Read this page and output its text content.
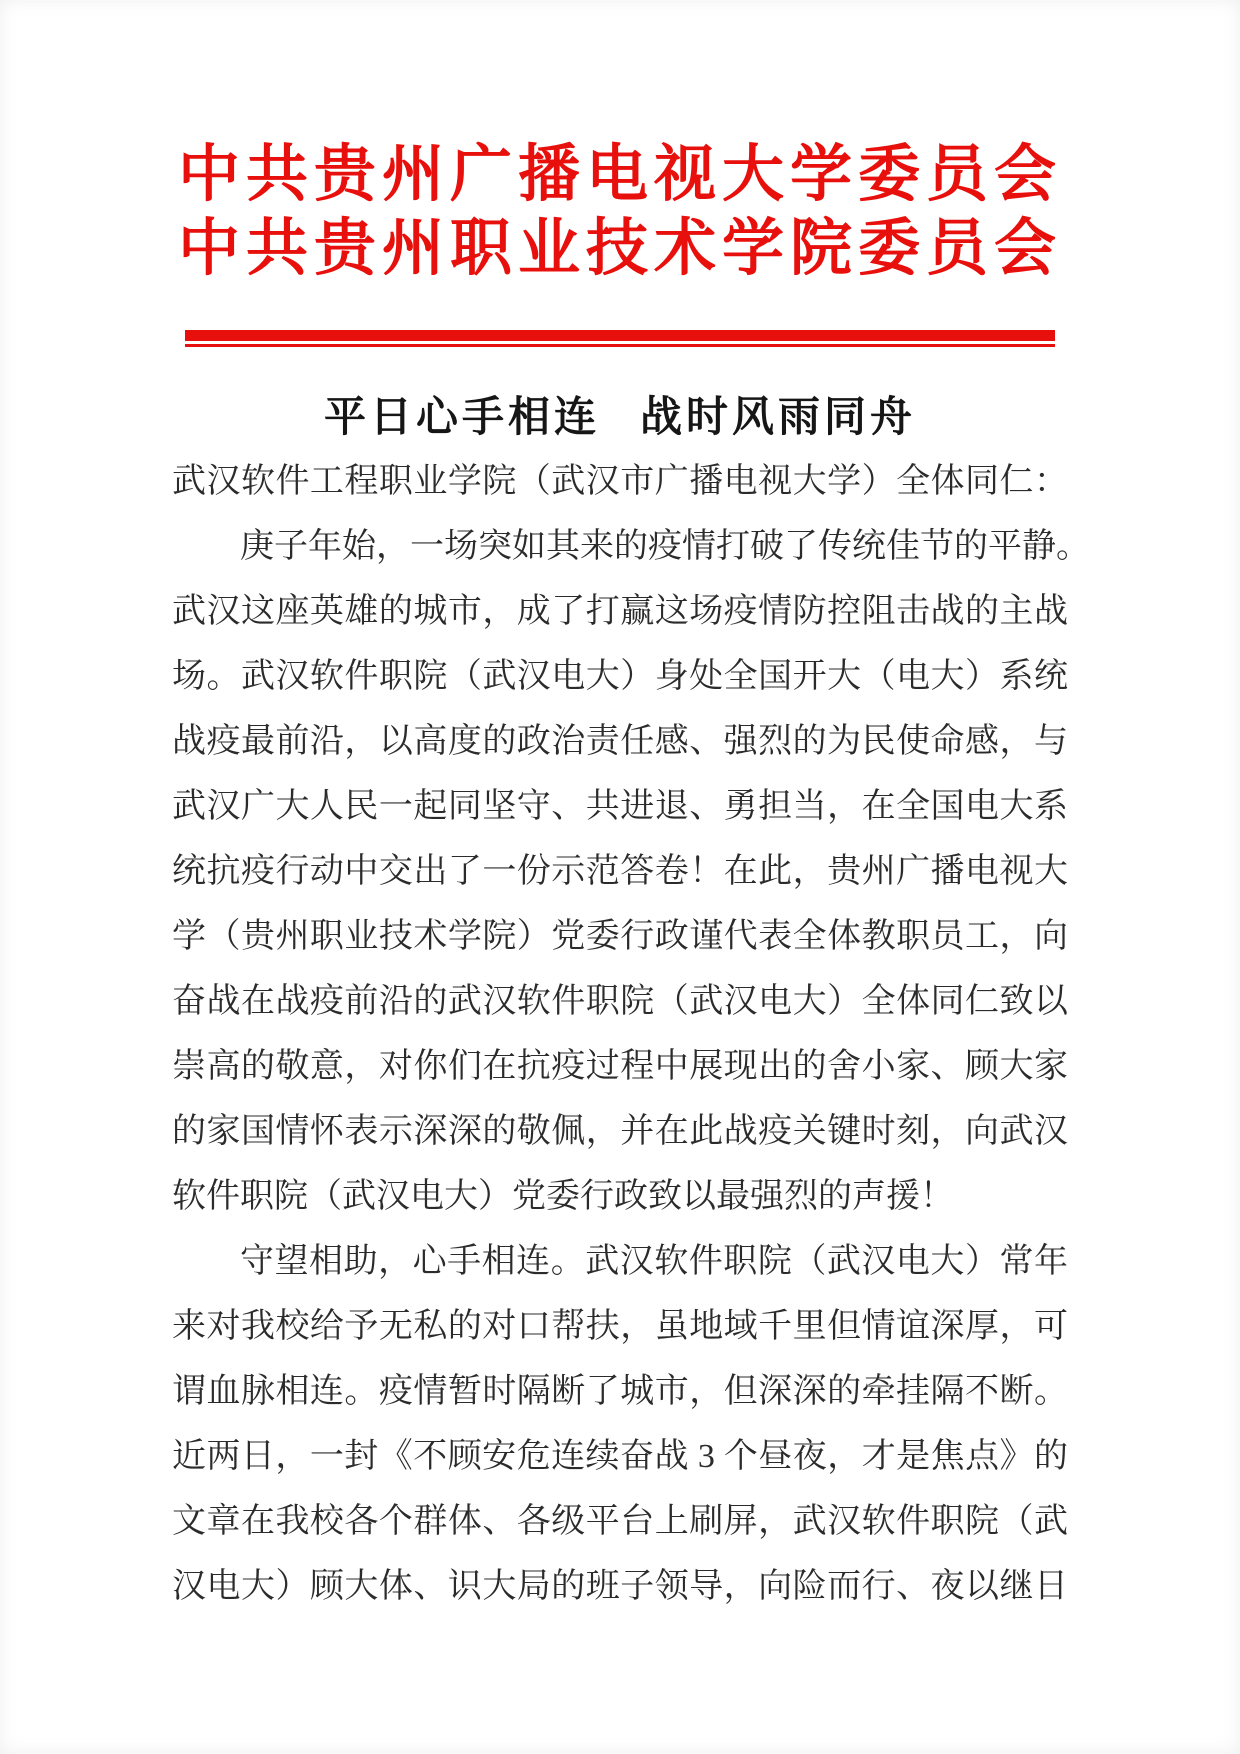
中共贵州广播电视大学委员会
中共贵州职业技术学院委员会
平日心手相连 战时风雨同舟
武汉软件工程职业学院（武汉市广播电视大学）全体同仁：
庚子年始，一场突如其来的疫情打破了传统佳节的平静。
武汉这座英雄的城市，成了打赢这场疫情防控阻击战的主战
场。武汉软件职院（武汉电大）身处全国开大（电大）系统
战疫最前沿，以高度的政治责任感、强烈的为民使命感，与
武汉广大人民一起同坚守、共进退、勇担当，在全国电大系
统抗疫行动中交出了一份示范答卷！在此，贵州广播电视大
学（贵州职业技术学院）党委行政谨代表全体教职员工，向
奋战在战疫前沿的武汉软件职院（武汉电大）全体同仁致以
崇高的敬意，对你们在抗疫过程中展现出的舍小家、顾大家
的家国情怀表示深深的敬佩，并在此战疫关键时刻，向武汉
软件职院（武汉电大）党委行政致以最强烈的声援！
守望相助，心手相连。武汉软件职院（武汉电大）常年
来对我校给予无私的对口帮扶，虽地域千里但情谊深厚，可
谓血脉相连。疫情暂时隔断了城市，但深深的牵挂隔不断。
近两日，一封《不顾安危连续奋战 3 个昼夜，才是焦点》的
文章在我校各个群体、各级平台上刷屏，武汉软件职院（武
汉电大）顾大体、识大局的班子领导，向险而行、夜以继日
